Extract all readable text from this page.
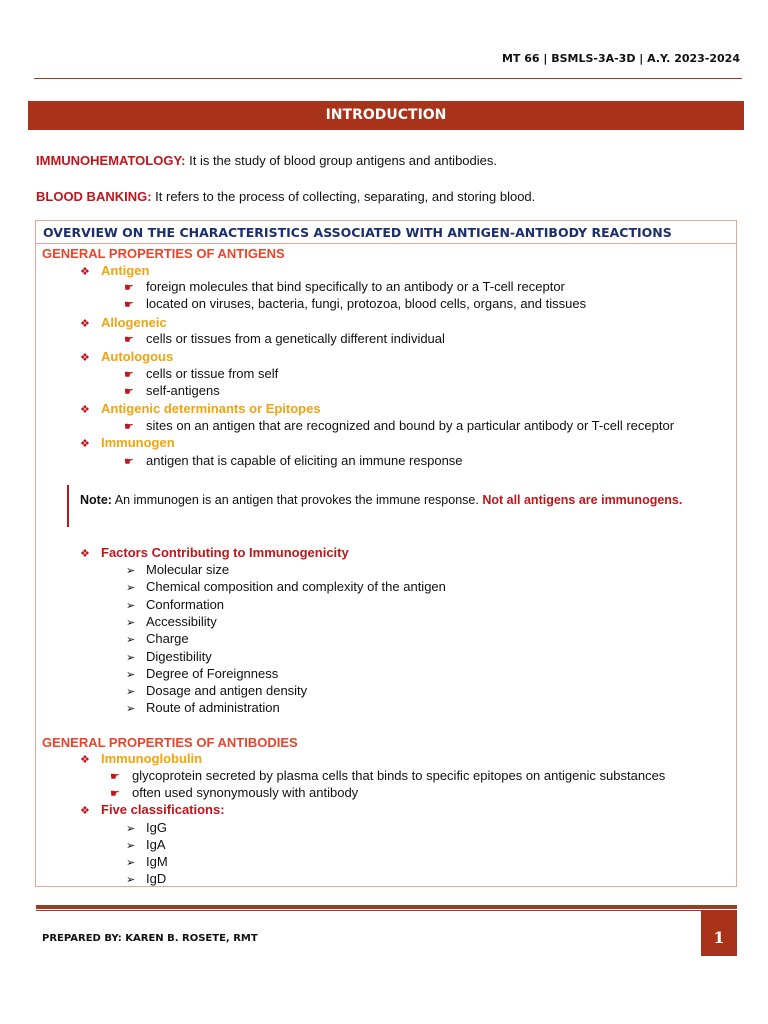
MT 66 | BSMLS-3A-3D | A.Y. 2023-2024
INTRODUCTION
IMMUNOHEMATOLOGY: It is the study of blood group antigens and antibodies.
BLOOD BANKING: It refers to the process of collecting, separating, and storing blood.
OVERVIEW ON THE CHARACTERISTICS ASSOCIATED WITH ANTIGEN-ANTIBODY REACTIONS
GENERAL PROPERTIES OF ANTIGENS
❖ Antigen
☛ foreign molecules that bind specifically to an antibody or a T-cell receptor
☛ located on viruses, bacteria, fungi, protozoa, blood cells, organs, and tissues
❖ Allogeneic
☛ cells or tissues from a genetically different individual
❖ Autologous
☛ cells or tissue from self
☛ self-antigens
❖ Antigenic determinants or Epitopes
☛ sites on an antigen that are recognized and bound by a particular antibody or T-cell receptor
❖ Immunogen
☛ antigen that is capable of eliciting an immune response
Note: An immunogen is an antigen that provokes the immune response. Not all antigens are immunogens.
❖ Factors Contributing to Immunogenicity
➢ Molecular size
➢ Chemical composition and complexity of the antigen
➢ Conformation
➢ Accessibility
➢ Charge
➢ Digestibility
➢ Degree of Foreignness
➢ Dosage and antigen density
➢ Route of administration
GENERAL PROPERTIES OF ANTIBODIES
❖ Immunoglobulin
☛ glycoprotein secreted by plasma cells that binds to specific epitopes on antigenic substances
☛ often used synonymously with antibody
❖ Five classifications:
➢ IgG
➢ IgA
➢ IgM
➢ IgD
PREPARED BY: KAREN B. ROSETE, RMT	1
